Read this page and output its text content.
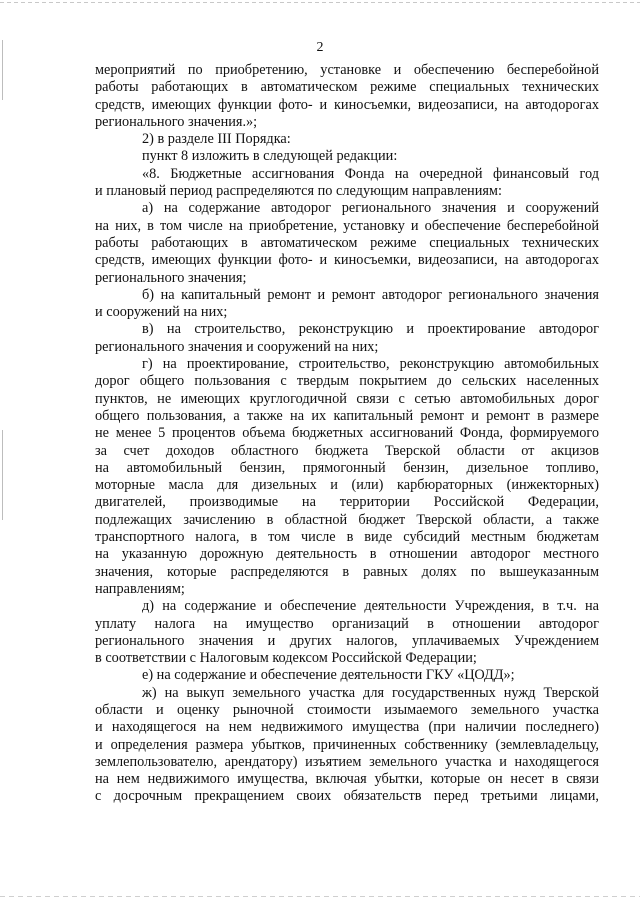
2
мероприятий по приобретению, установке и обеспечению бесперебойной
работы работающих в автоматическом режиме специальных технических
средств, имеющих функции фото- и киносъемки, видеозаписи, на автодорогах
регионального значения.»;
2) в разделе III Порядка:
пункт 8 изложить в следующей редакции:
«8. Бюджетные ассигнования Фонда на очередной финансовый год
и плановый период распределяются по следующим направлениям:
а) на содержание автодорог регионального значения и сооружений
на них, в том числе на приобретение, установку и обеспечение бесперебойной
работы работающих в автоматическом режиме специальных технических
средств, имеющих функции фото- и киносъемки, видеозаписи, на автодорогах
регионального значения;
б) на капитальный ремонт и ремонт автодорог регионального значения
и сооружений на них;
в) на строительство, реконструкцию и проектирование автодорог
регионального значения и сооружений на них;
г) на проектирование, строительство, реконструкцию автомобильных
дорог общего пользования с твердым покрытием до сельских населенных
пунктов, не имеющих круглогодичной связи с сетью автомобильных дорог
общего пользования, а также на их капитальный ремонт и ремонт в размере
не менее 5 процентов объема бюджетных ассигнований Фонда, формируемого
за счет доходов областного бюджета Тверской области от акцизов
на автомобильный бензин, прямогонный бензин, дизельное топливо,
моторные масла для дизельных и (или) карбюраторных (инжекторных)
двигателей, производимые на территории Российской Федерации,
подлежащих зачислению в областной бюджет Тверской области, а также
транспортного налога, в том числе в виде субсидий местным бюджетам
на указанную дорожную деятельность в отношении автодорог местного
значения, которые распределяются в равных долях по вышеуказанным
направлениям;
д) на содержание и обеспечение деятельности Учреждения, в т.ч. на
уплату налога на имущество организаций в отношении автодорог
регионального значения и других налогов, уплачиваемых Учреждением
в соответствии с Налоговым кодексом Российской Федерации;
е) на содержание и обеспечение деятельности ГКУ «ЦОДД»;
ж) на выкуп земельного участка для государственных нужд Тверской
области и оценку рыночной стоимости изымаемого земельного участка
и находящегося на нем недвижимого имущества (при наличии последнего)
и определения размера убытков, причиненных собственнику (землевладельцу,
землепользователю, арендатору) изъятием земельного участка и находящегося
на нем недвижимого имущества, включая убытки, которые он несет в связи
с досрочным прекращением своих обязательств перед третьими лицами,
